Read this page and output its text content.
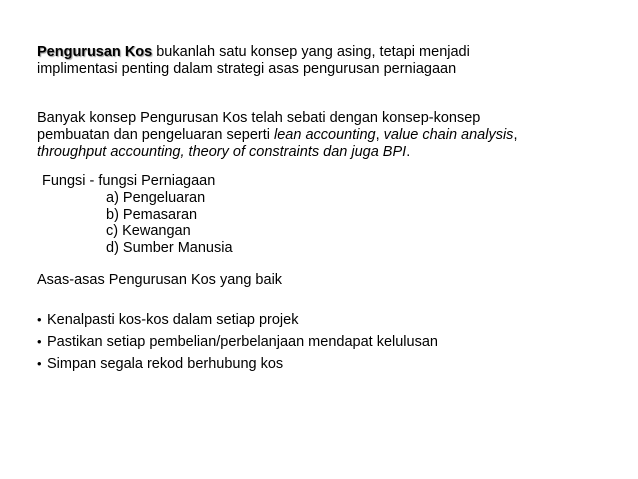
Pengurusan Kos bukanlah satu konsep yang asing, tetapi menjadi
implimentasi penting dalam strategi asas pengurusan perniagaan
Banyak konsep Pengurusan Kos telah sebati dengan konsep-konsep
pembuatan dan pengeluaran seperti lean accounting, value chain analysis,
throughput accounting, theory of constraints dan juga BPI.
Fungsi - fungsi Perniagaan
a) Pengeluaran
b) Pemasaran
c) Kewangan
d) Sumber Manusia
Asas-asas Pengurusan Kos yang baik
• Kenalpasti kos-kos dalam setiap projek
• Pastikan setiap pembelian/perbelanjaan mendapat kelulusan
• Simpan segala rekod berhubung kos
